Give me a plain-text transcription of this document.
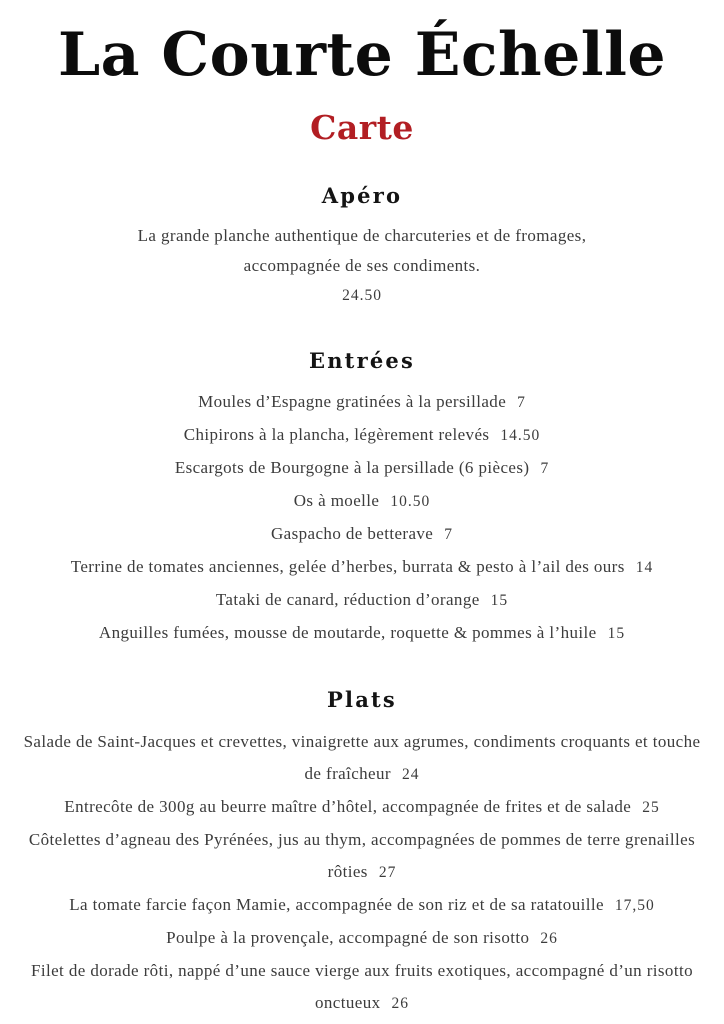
La Courte Échelle
Carte
Apéro

La grande planche authentique de charcuteries et de fromages,

accompagnée de ses condiments.

24.50

Entrées

Moules d’Espagne gratinées à la persillade 7

Chipirons à la plancha, légèrement relevés 14.50

Escargots de Bourgogne à la persillade (6 pièces) 7

Os à moelle 10.50

Gaspacho de betterave 7

Terrine de tomates anciennes, gelée d’herbes, burrata & pesto à l’ail des ours 14

Tataki de canard, réduction d’orange 15

Anguilles fumées, mousse de moutarde, roquette & pommes à l’huile 15

Plats

Salade de Saint-Jacques et crevettes, vinaigrette aux agrumes, condiments croquants et touche de fraîcheur 24

Entrecôte de 300g au beurre maître d’hôtel, accompagnée de frites et de salade 25

Côtelettes d’agneau des Pyrénées, jus au thym, accompagnées de pommes de terre grenailles rôties 27

La tomate farcie façon Mamie, accompagnée de son riz et de sa ratatouille 17,50

Poulpe à la provençale, accompagné de son risotto 26

Filet de dorade rôti, nappé d’une sauce vierge aux fruits exotiques, accompagné d’un risotto onctueux 26
